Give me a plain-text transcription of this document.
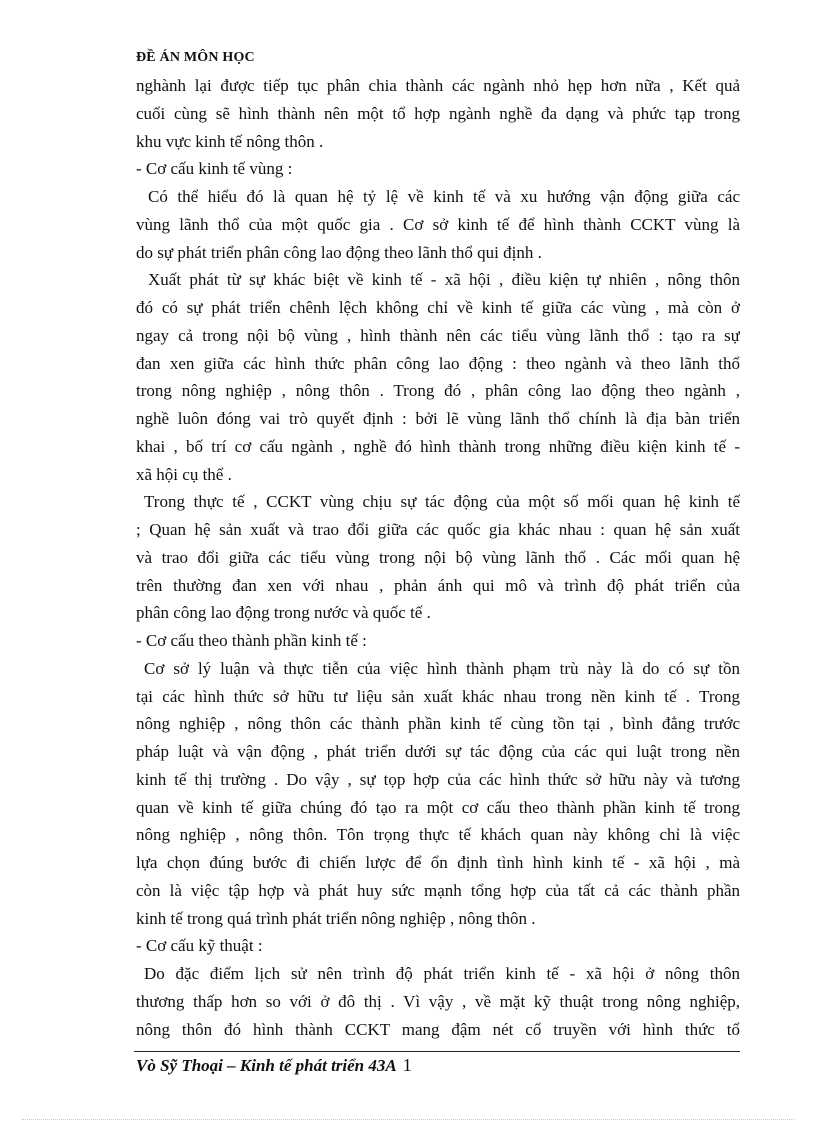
ĐỀ ÁN MÔN HỌC
nghành lại được tiếp tục phân chia thành các ngành nhỏ hẹp hơn nữa , Kết quả
cuối cùng sẽ hình thành nên một tổ hợp ngành nghề đa dạng và phức tạp trong
khu vực kinh tế nông thôn .
- Cơ cấu kinh tế vùng :
Có thể hiểu đó là quan hệ tỷ lệ về kinh tế và xu hướng vận động giữa các
vùng lãnh thổ của một quốc gia . Cơ sở kinh tế để hình thành CCKT vùng là
do sự phát triển phân công lao động theo lãnh thổ qui định .
Xuất phát từ sự khác biệt về kinh tế - xã hội , điều kiện tự nhiên , nông thôn
đó có sự phát triển chênh lệch không chỉ về kinh tế giữa các vùng , mà còn ở
ngay cả trong nội bộ vùng , hình thành nên các tiểu vùng lãnh thổ : tạo ra sự
đan xen giữa các hình thức phân công lao động : theo ngành và theo lãnh thổ
trong nông nghiệp , nông thôn . Trong đó , phân công lao động theo ngành ,
nghề luôn đóng vai trò quyết định : bởi lẽ vùng lãnh thổ chính là địa bàn triển
khai , bố trí cơ cấu ngành , nghề đó hình thành trong những điều kiện kinh tế -
xã hội cụ thể .
Trong thực tế , CCKT vùng chịu sự tác động của một số mối quan hệ kinh tế
; Quan hệ sản xuất và trao đổi giữa các quốc gia khác nhau : quan hệ sản xuất
và trao đổi giữa các tiểu vùng trong nội bộ vùng lãnh thổ . Các mối quan hệ
trên thường đan xen với nhau , phản ánh qui mô và trình độ phát triển của
phân công lao động trong nước và quốc tế .
- Cơ cấu theo thành phần kinh tế :
Cơ sở lý luận và thực tiễn của việc hình thành phạm trù này là do có sự tồn
tại các hình thức sở hữu tư liệu sản xuất khác nhau trong nền kinh tế . Trong
nông nghiệp , nông thôn các thành phần kinh tế cùng tồn tại , bình đẳng trước
pháp luật và vận động , phát triển dưới sự tác động của các qui luật trong nền
kinh tế thị trường . Do vậy , sự tọp hợp của các hình thức sở hữu này và tương
quan về kinh tế giữa chúng đó tạo ra một cơ cấu theo thành phần kinh tế trong
nông nghiệp , nông thôn. Tôn trọng thực tế khách quan này không chỉ là việc
lựa chọn đúng bước đi chiến lược để ổn định tình hình kinh tế - xã hội , mà
còn là việc tập hợp và phát huy sức mạnh tổng hợp của tất cả các thành phần
kinh tế trong quá trình phát triển nông nghiệp , nông thôn .
- Cơ cấu kỹ thuật :
Do đặc điểm lịch sử nên trình độ phát triển kinh tế - xã hội ở nông thôn
thương thấp hơn so với ở đô thị . Vì vậy , về mặt kỹ thuật trong nông nghiệp,
nông thôn đó hình thành CCKT mang đậm nét cổ truyền với hình thức tổ
Vò Sỹ Thoại – Kinh tế phát triển 43A 1
